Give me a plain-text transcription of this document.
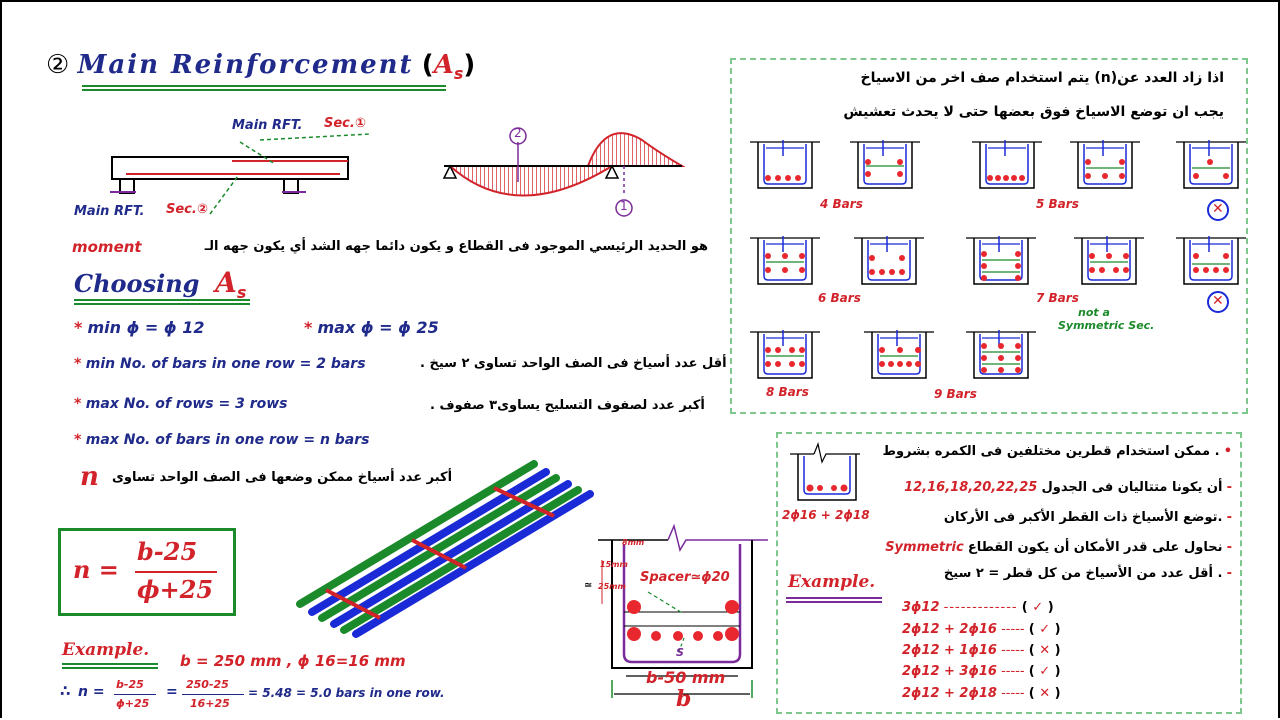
② Main Reinforcement $(A_s)$
Main RFT. Sec.①
Main RFT. Sec.②
2
1
moment	هو الحديد الرئيسي الموجود فى القطاع و يكون دائما جهه الشد أي يكون جهه الـ
Choosing $A_s$
* min ϕ = ϕ 12	* max ϕ = ϕ 25
* min No. of bars in one row = 2 bars	أقل عدد أسياخ فى الصف الواحد تساوى ٢ سيخ .
* max No. of rows = 3 rows	أكبر عدد لصفوف التسليح يساوى٣ صفوف .
* max No. of bars in one row = n bars
أكبر عدد أسياخ ممكن وضعها فى الصف الواحد تساوى
n
n =
b-25
ϕ+25
Example.
b = 250 mm , ϕ 16=16 mm
∴ n = b-25
ϕ+25
= 250-25
16+25
= 5.48 = 5.0 bars in one row.
8mm
15mm
25mm
≃
Spacer≃ϕ20
S
b-50 mm
b
اذا زاد العدد عن(n) يتم استخدام صف اخر من الاسياخ
يجب ان توضع الاسياخ فوق بعضها حتى لا يحدث تعشيش
✕
✕
4 Bars	5 Bars
6 Bars	7 Bars
not a
Symmetric Sec.
8 Bars	9 Bars
2ϕ16 + 2ϕ18
ممكن استخدام قطرين مختلفين فى الكمره بشروط . •
12,16,18,20,22,25 أن يكونا متتاليان فى الجدول -
توضع الأسياخ ذات القطر الأكبر فى الأركان. -
Symmetric نحاول على قدر الأمكان أن يكون القطاع -
أقل عدد من الأسياخ من كل قطر = ٢ سيخ . -
Example.
3ϕ12 ------------- ( ✓ )
2ϕ12 + 2ϕ16 ----- ( ✓ )
2ϕ12 + 1ϕ16 ----- ( ✕ )
2ϕ12 + 3ϕ16 ----- ( ✓ )
2ϕ12 + 2ϕ18 ----- ( ✕ )
